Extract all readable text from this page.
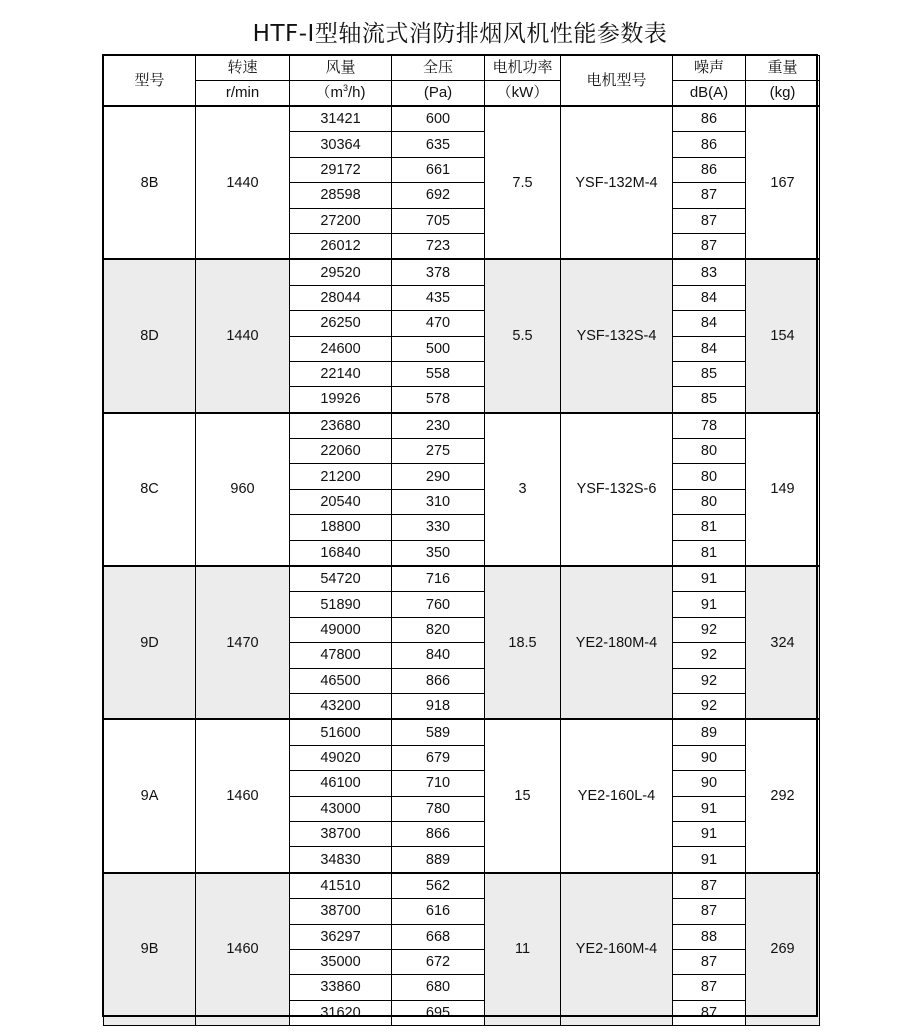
HTF-I型轴流式消防排烟风机性能参数表
型号	转速	风量	全压	电机功率	电机型号	噪声	重量
	r/min	$(m^3/h)$	(Pa)	（kW）		dB(A)	(kg)
8B	1440	31421	600	7.5	YSF-132M-4	86	167
		30364	635			86	
		29172	661			86	
		28598	692			87	
		27200	705			87	
		26012	723			87	
8D	1440	29520	378	5.5	YSF-132S-4	83	154
		28044	435			84	
		26250	470			84	
		24600	500			84	
		22140	558			85	
		19926	578			85	
8C	960	23680	230	3	YSF-132S-6	78	149
		22060	275			80	
		21200	290			80	
		20540	310			80	
		18800	330			81	
		16840	350			81	
9D	1470	54720	716	18.5	YE2-180M-4	91	324
		51890	760			91	
		49000	820			92	
		47800	840			92	
		46500	866			92	
		43200	918			92	
9A	1460	51600	589	15	YE2-160L-4	89	292
		49020	679			90	
		46100	710			90	
		43000	780			91	
		38700	866			91	
		34830	889			91	
9B	1460	41510	562	11	YE2-160M-4	87	269
		38700	616			87	
		36297	668			88	
		35000	672			87	
		33860	680			87	
		31620	695			87	
